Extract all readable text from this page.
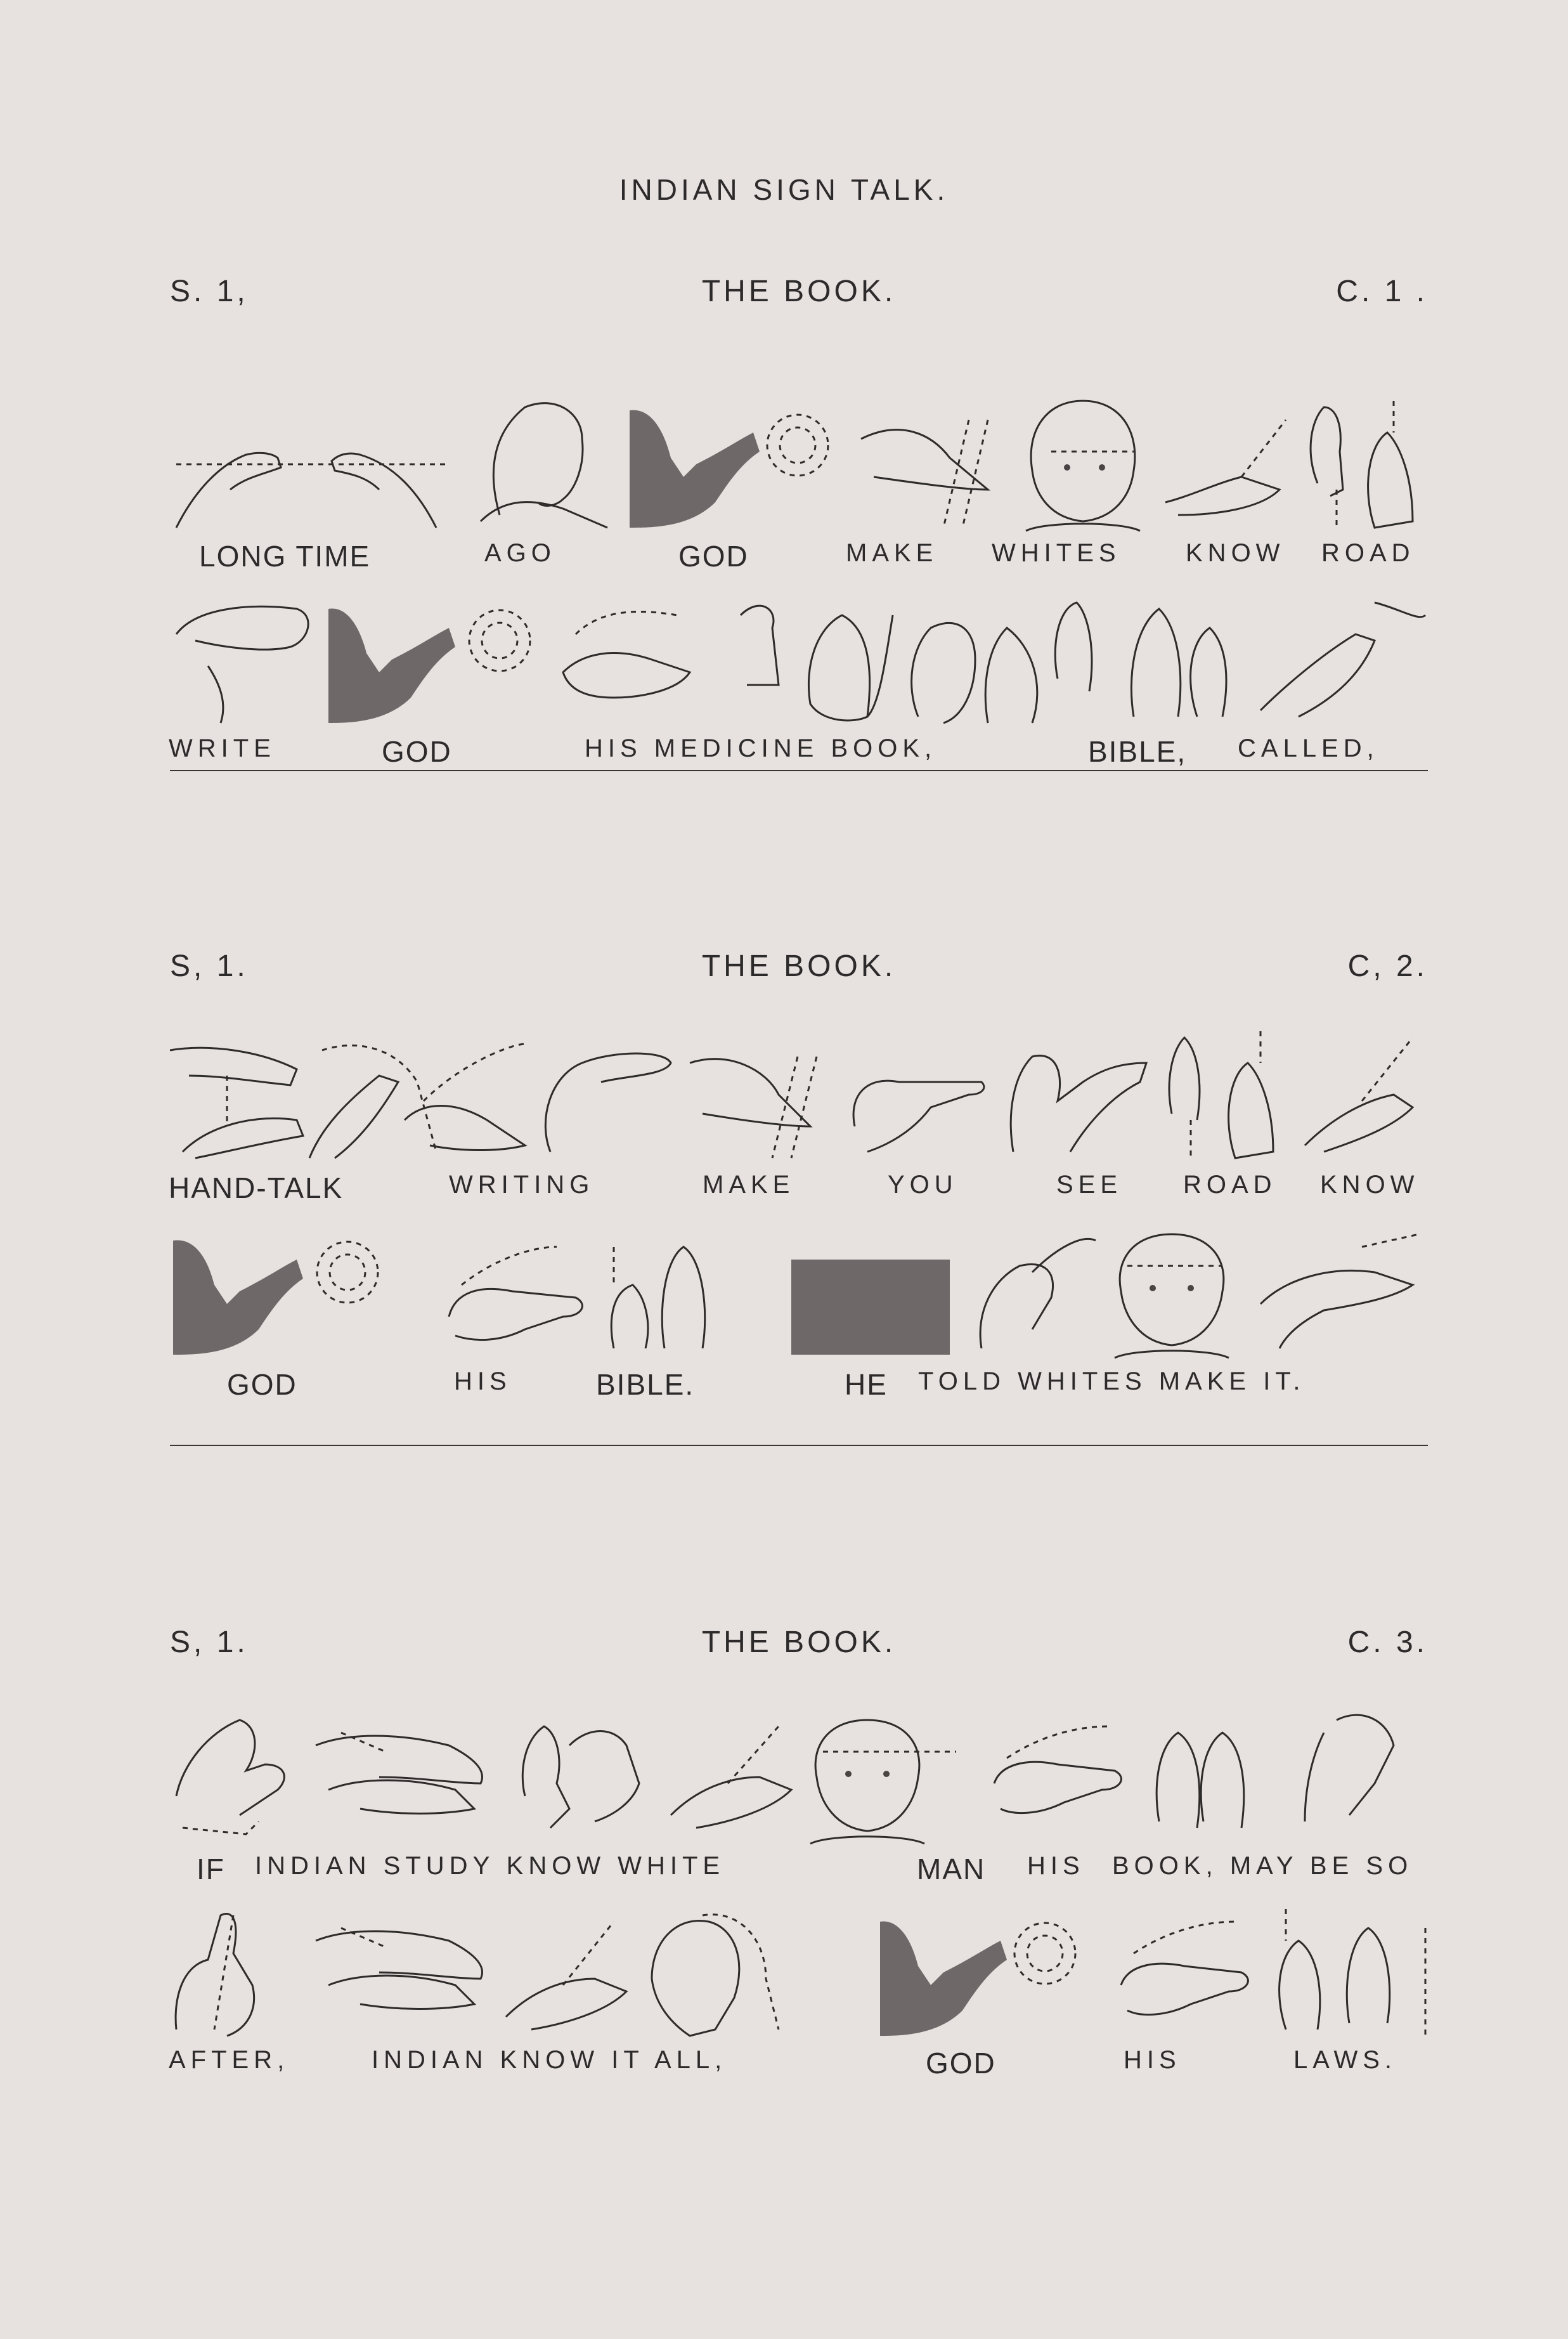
INDIAN SIGN TALK.
S. 1,	THE BOOK.	C. 1 .
LONG TIME	AGO	GOD	MAKE WHITES	KNOW ROAD
WRITE	GOD	HIS MEDICINE BOOK,	BIBLE, CALLED,
S, 1.	THE BOOK.	C, 2.
HAND-TALK	WRITING	MAKE	YOU	SEE ROAD KNOW
GOD	HIS	BIBLE.	HE TOLD WHITES MAKE IT.
S, 1.	THE BOOK.	C. 3.
IF INDIAN STUDY KNOW WHITE	MAN HIS BOOK, MAY BE SO
AFTER,	INDIAN KNOW IT ALL,	GOD	HIS	LAWS.
